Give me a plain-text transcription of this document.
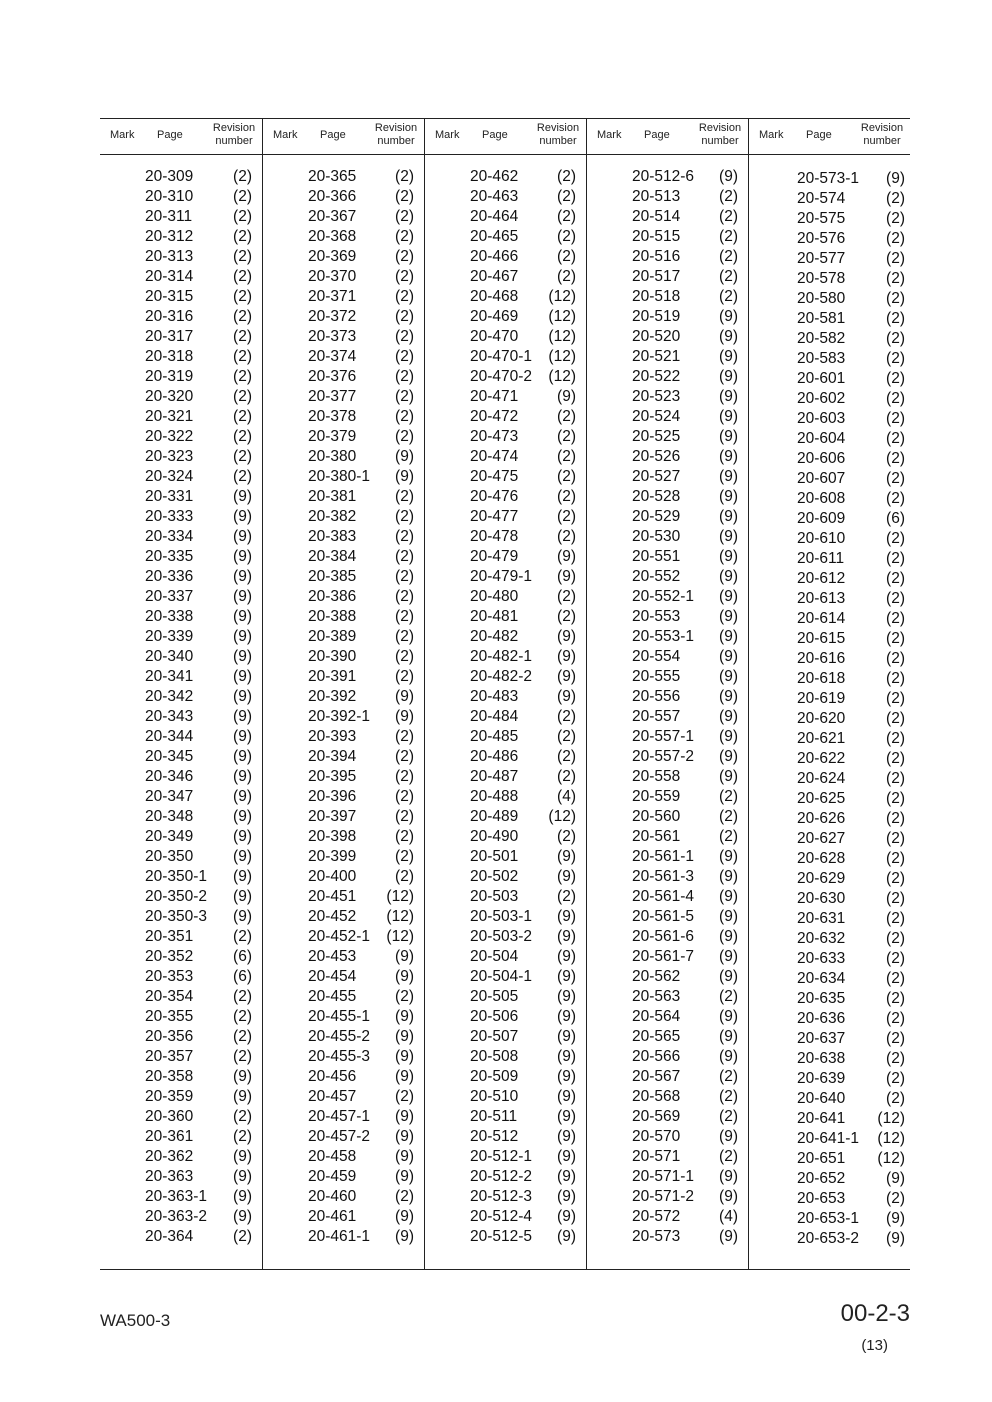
Mark Page
Revision
number
20-309	(2)
20-310	(2)
20-311	(2)
20-312	(2)
20-313	(2)
20-314	(2)
20-315	(2)
20-316	(2)
20-317	(2)
20-318	(2)
20-319	(2)
20-320	(2)
20-321	(2)
20-322	(2)
20-323	(2)
20-324	(2)
20-331	(9)
20-333	(9)
20-334	(9)
20-335	(9)
20-336	(9)
20-337	(9)
20-338	(9)
20-339	(9)
20-340	(9)
20-341	(9)
20-342	(9)
20-343	(9)
20-344	(9)
20-345	(9)
20-346	(9)
20-347	(9)
20-348	(9)
20-349	(9)
20-350	(9)
20-350-1 (9)
20-350-2 (9)
20-350-3 (9)
20-351	(2)
20-352	(6)
20-353	(6)
20-354	(2)
20-355	(2)
20-356	(2)
20-357	(2)
20-358	(9)
20-359	(9)
20-360	(2)
20-361	(2)
20-362	(9)
20-363	(9)
20-363-1 (9)
20-363-2 (9)
20-364	(2)
Mark Page
Revision
number
20-365	(2)
20-366	(2)
20-367	(2)
20-368	(2)
20-369	(2)
20-370	(2)
20-371	(2)
20-372	(2)
20-373	(2)
20-374	(2)
20-376	(2)
20-377	(2)
20-378	(2)
20-379	(2)
20-380	(9)
20-380-1 (9)
20-381	(2)
20-382	(2)
20-383	(2)
20-384	(2)
20-385	(2)
20-386	(2)
20-388	(2)
20-389	(2)
20-390	(2)
20-391	(2)
20-392	(9)
20-392-1 (9)
20-393	(2)
20-394	(2)
20-395	(2)
20-396	(2)
20-397	(2)
20-398	(2)
20-399	(2)
20-400	(2)
20-451 (12)
20-452 (12)
20-452-1 (12)
20-453	(9)
20-454	(9)
20-455	(2)
20-455-1 (9)
20-455-2 (9)
20-455-3 (9)
20-456	(9)
20-457	(2)
20-457-1 (9)
20-457-2 (9)
20-458	(9)
20-459	(9)
20-460	(2)
20-461	(9)
20-461-1 (9)
Mark Page
Revision
number
20-462	(2)
20-463	(2)
20-464	(2)
20-465	(2)
20-466	(2)
20-467	(2)
20-468 (12)
20-469 (12)
20-470 (12)
20-470-1 (12)
20-470-2 (12)
20-471	(9)
20-472	(2)
20-473	(2)
20-474	(2)
20-475	(2)
20-476	(2)
20-477	(2)
20-478	(2)
20-479	(9)
20-479-1 (9)
20-480	(2)
20-481	(2)
20-482	(9)
20-482-1 (9)
20-482-2 (9)
20-483	(9)
20-484	(2)
20-485	(2)
20-486	(2)
20-487	(2)
20-488	(4)
20-489 (12)
20-490	(2)
20-501	(9)
20-502	(9)
20-503	(2)
20-503-1 (9)
20-503-2 (9)
20-504	(9)
20-504-1 (9)
20-505	(9)
20-506	(9)
20-507	(9)
20-508	(9)
20-509	(9)
20-510	(9)
20-511	(9)
20-512	(9)
20-512-1 (9)
20-512-2 (9)
20-512-3 (9)
20-512-4 (9)
20-512-5 (9)
Mark Page
Revision
number
20-512-6 (9)
20-513	(2)
20-514	(2)
20-515	(2)
20-516	(2)
20-517	(2)
20-518	(2)
20-519	(9)
20-520	(9)
20-521	(9)
20-522	(9)
20-523	(9)
20-524	(9)
20-525	(9)
20-526	(9)
20-527	(9)
20-528	(9)
20-529	(9)
20-530	(9)
20-551	(9)
20-552	(9)
20-552-1 (9)
20-553	(9)
20-553-1 (9)
20-554	(9)
20-555	(9)
20-556	(9)
20-557	(9)
20-557-1 (9)
20-557-2 (9)
20-558	(9)
20-559	(2)
20-560	(2)
20-561	(2)
20-561-1 (9)
20-561-3 (9)
20-561-4 (9)
20-561-5 (9)
20-561-6 (9)
20-561-7 (9)
20-562	(9)
20-563	(2)
20-564	(9)
20-565	(9)
20-566	(9)
20-567	(2)
20-568	(2)
20-569	(2)
20-570	(9)
20-571	(2)
20-571-1 (9)
20-571-2 (9)
20-572	(4)
20-573	(9)
Mark Page
Revision
number
20-573-1 (9)
20-574	(2)
20-575	(2)
20-576	(2)
20-577	(2)
20-578	(2)
20-580	(2)
20-581	(2)
20-582	(2)
20-583	(2)
20-601	(2)
20-602	(2)
20-603	(2)
20-604	(2)
20-606	(2)
20-607	(2)
20-608	(2)
20-609	(6)
20-610	(2)
20-611	(2)
20-612	(2)
20-613	(2)
20-614	(2)
20-615	(2)
20-616	(2)
20-618	(2)
20-619	(2)
20-620	(2)
20-621	(2)
20-622	(2)
20-624	(2)
20-625	(2)
20-626	(2)
20-627	(2)
20-628	(2)
20-629	(2)
20-630	(2)
20-631	(2)
20-632	(2)
20-633	(2)
20-634	(2)
20-635	(2)
20-636	(2)
20-637	(2)
20-638	(2)
20-639	(2)
20-640	(2)
20-641 (12)
20-641-1 (12)
20-651 (12)
20-652	(9)
20-653	(2)
20-653-1 (9)
20-653-2 (9)
WA500-3	00-2-3
(13)
